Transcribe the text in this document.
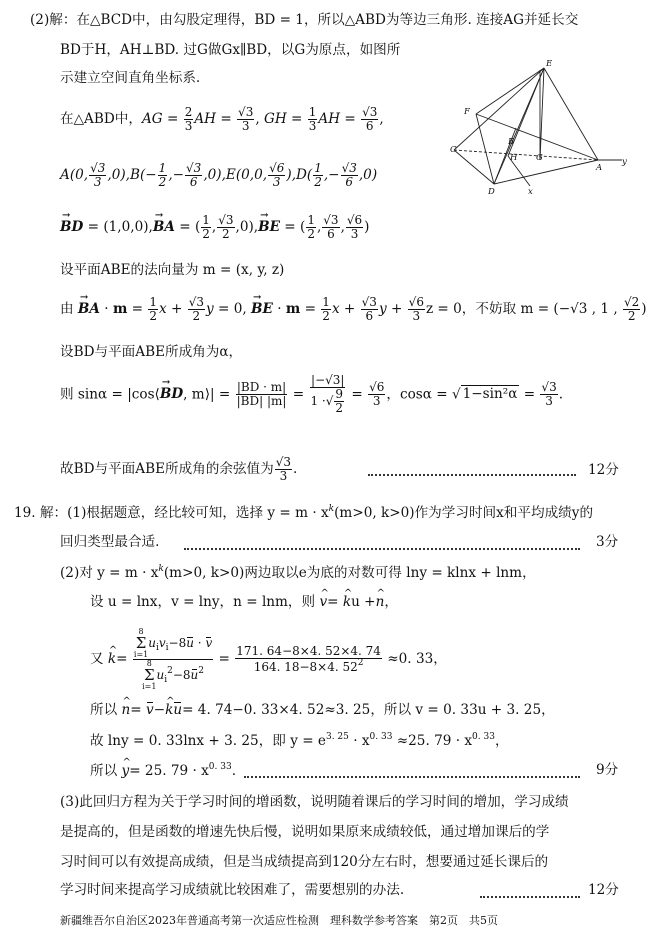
(2)解：在△BCD中，由勾股定理得，BD = 1，所以△ABD为等边三角形. 连接AG并延长交
BD于H，AH⊥BD. 过G做Gx∥BD，以G为原点，如图所
示建立空间直角坐标系.
在△ABD中，AG = $\frac{2}{3}$ AH = $\frac{√3}{3}$ , GH = $\frac{1}{3}$ AH = $\frac{√3}{6}$ ,
A(0, $\frac{√3}{3} ,0),B(- \frac{1}{2}$ ,− $\frac{√3}{6} ,0),E(0,0$, $\frac{√6}{3} ),D( \frac{1}{2}$ ,− $\frac{√3}{6} ,0$)
→ BD = (1,0,0),→ BA = ( $\frac{1}{2}$ , $\frac{√3}{2} ,0),\to$ BE = ( $\frac{1}{2}$ , $\frac{√3}{6}$ , $\frac{√6}{3}$ )
设平面ABE的法向量为 m = (x, y, z)
由 → BA · $m = \frac{1}{2}$ $x + \frac{√3}{2}$ y = 0, → BE · $m = \frac{1}{2}$ $x + \frac{√3}{6}$ $y + \frac{√6}{3}$ z = 0，不妨取 m = (−√3 , 1 , $\frac{√2}{2}$ )
设BD与平面ABE所成角为α，
则 sinα = |cos⟨→ BD, m⟩| = $\frac{|BD \cdot m|}{|BD| |m|} = \frac{|-√3|}{1 \cdot√ \frac{9}{2}} = \frac{√6}{3}$ ，cosα = √ $1-\sin^2\alpha = \frac{√3}{3}$ .
故BD与平面ABE所成角的余弦值为 $\frac{√3}{3}$ .	12分
E
F
C
B
H G
A
D	x
y
19. 解：(1)根据题意，经比较可知，选择 $y = m \cdot x^k(m>0$, k>0)作为学习时间x和平均成绩y的
回归类型最合适.	3分
(2)对 $y = m \cdot x^k(m>0$, k>0)两边取以e为底的对数可得 lny = klnx + lnm，
设 u = lnx，v = lny，n = lnm，则 ^ v= ^ ku +^ n，
又 ^ k=
8
Σ
i=1
$u_iv_i-8u \cdot v$
8
Σ
i=1
$u_i^2-8u^2$
= $\frac{171. 64-8\times 4. 52\times 4. 74}{164. 18-8\times 4. 52^2} \approx 0$. 33，
所以 ^ n= v−^ ku= 4. 74−0. 33×4. 52≈3. 25，所以 v = 0. 33u + 3. 25，
故 lny = 0. 33lnx + 3. 25，即 $y = e^{3. 25} \cdot x^{0. 33} \approx 25$. $79 \cdot x^{0. 33}$，
所以 ^ y= 25. $79 \cdot x^{0. 33}$.	9分
(3)此回归方程为关于学习时间的增函数，说明随着课后的学习时间的增加，学习成绩
是提高的，但是函数的增速先快后慢，说明如果原来成绩较低，通过增加课后的学
习时间可以有效提高成绩，但是当成绩提高到120分左右时，想要通过延长课后的
学习时间来提高学习成绩就比较困难了，需要想别的办法.	12分
新疆维吾尔自治区2023年普通高考第一次适应性检测　理科数学参考答案　第2页　共5页
